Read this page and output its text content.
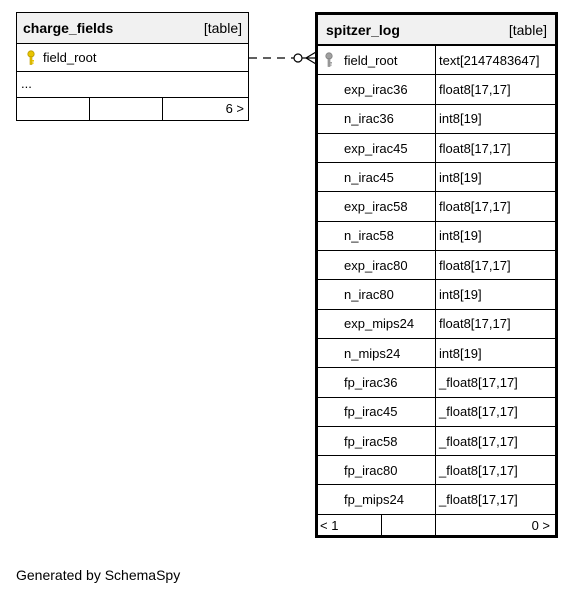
charge_fields	[table]
field_root
...
6 >
spitzer_log	[table]
field_root	text[2147483647]
exp_irac36 float8[17,17]
n_irac36	int8[19]
exp_irac45 float8[17,17]
n_irac45	int8[19]
exp_irac58 float8[17,17]
n_irac58	int8[19]
exp_irac80 float8[17,17]
n_irac80	int8[19]
exp_mips24 float8[17,17]
n_mips24	int8[19]
fp_irac36	_float8[17,17]
fp_irac45	_float8[17,17]
fp_irac58	_float8[17,17]
fp_irac80	_float8[17,17]
fp_mips24	_float8[17,17]
< 1	0 >
Generated by SchemaSpy
